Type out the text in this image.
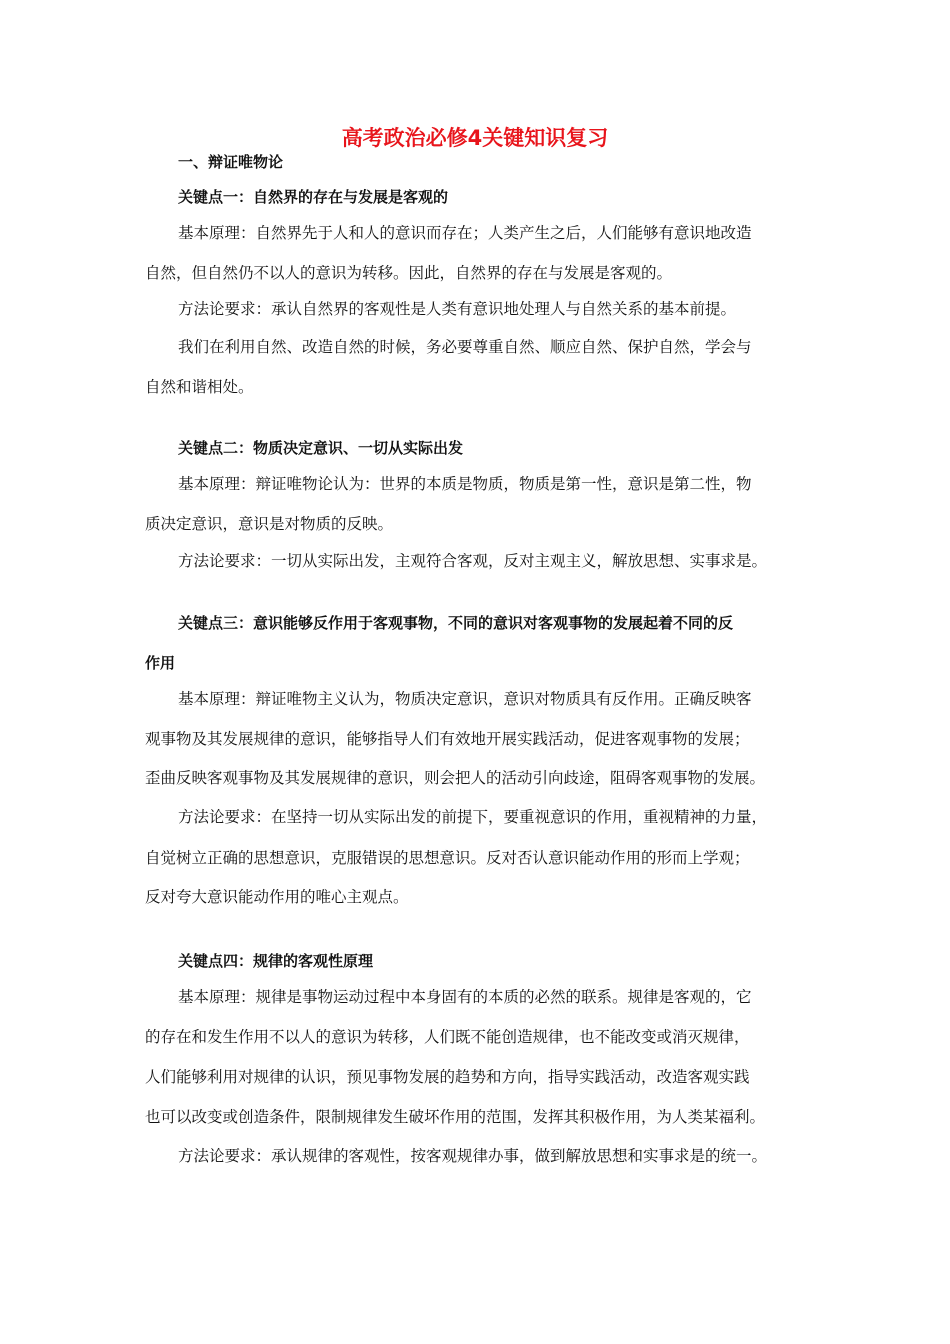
高考政治必修4关键知识复习
一、辩证唯物论
关键点一：自然界的存在与发展是客观的
基本原理：自然界先于人和人的意识而存在；人类产生之后，人们能够有意识地改造
自然，但自然仍不以人的意识为转移。因此，自然界的存在与发展是客观的。
方法论要求：承认自然界的客观性是人类有意识地处理人与自然关系的基本前提。
我们在利用自然、改造自然的时候，务必要尊重自然、顺应自然、保护自然，学会与
自然和谐相处。
关键点二：物质决定意识、一切从实际出发
基本原理：辩证唯物论认为：世界的本质是物质，物质是第一性，意识是第二性，物
质决定意识，意识是对物质的反映。
方法论要求：一切从实际出发，主观符合客观，反对主观主义，解放思想、实事求是。
关键点三：意识能够反作用于客观事物，不同的意识对客观事物的发展起着不同的反
作用
基本原理：辩证唯物主义认为，物质决定意识，意识对物质具有反作用。正确反映客
观事物及其发展规律的意识，能够指导人们有效地开展实践活动，促进客观事物的发展；
歪曲反映客观事物及其发展规律的意识，则会把人的活动引向歧途，阻碍客观事物的发展。
方法论要求：在坚持一切从实际出发的前提下，要重视意识的作用，重视精神的力量，
自觉树立正确的思想意识，克服错误的思想意识。反对否认意识能动作用的形而上学观；
反对夸大意识能动作用的唯心主观点。
关键点四：规律的客观性原理
基本原理：规律是事物运动过程中本身固有的本质的必然的联系。规律是客观的，它
的存在和发生作用不以人的意识为转移，人们既不能创造规律，也不能改变或消灭规律，
人们能够利用对规律的认识，预见事物发展的趋势和方向，指导实践活动，改造客观实践
也可以改变或创造条件，限制规律发生破坏作用的范围，发挥其积极作用，为人类某福利。
方法论要求：承认规律的客观性，按客观规律办事，做到解放思想和实事求是的统一。
